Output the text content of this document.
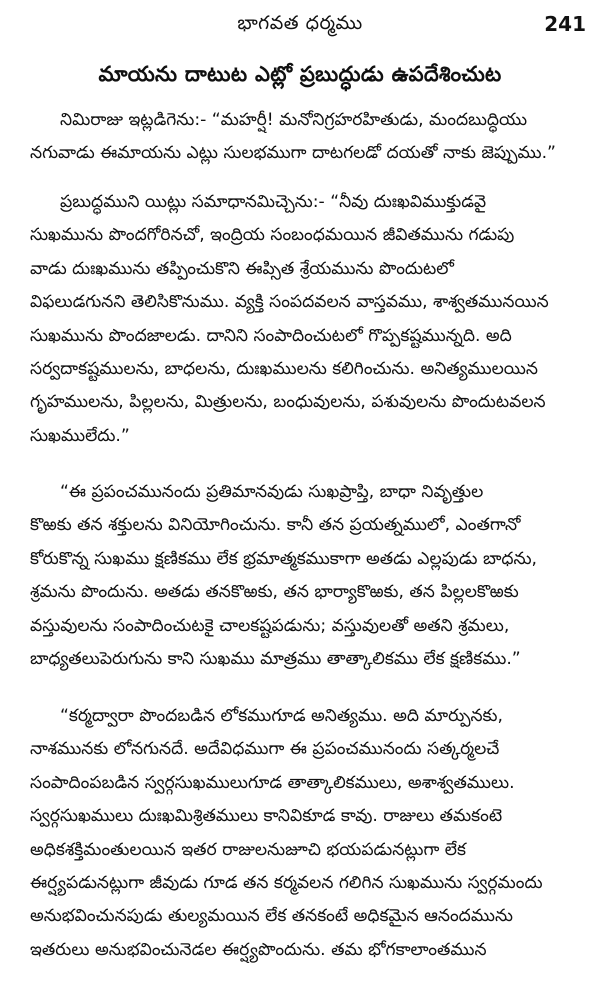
భాగవత ధర్మము	241
మాయను దాటుట ఎట్లో ప్రబుద్ధుడు ఉపదేశించుట
నిమిరాజు ఇట్లడిగెను:- “మహర్షీ! మనోనిగ్రహరహితుడు, మందబుద్ధియు
నగువాడు ఈమాయను ఎట్లు సులభముగా దాటగలడో దయతో నాకు జెప్పుము.”
ప్రబుద్ధముని యిట్లు సమాధానమిచ్చెను:- “నీవు దుఃఖవిముక్తుడవై
సుఖమును పొందగోరినచో, ఇంద్రియ సంబంధమయిన జీవితమును గడుపు
వాడు దుఃఖమును తప్పించుకొని ఈప్సిత శ్రేయమును పొందుటలో
విఫలుడగునని తెలిసికొనుము. వ్యక్తి సంపదవలన వాస్తవము, శాశ్వతమునయిన
సుఖమును పొందజాలడు. దానిని సంపాదించుటలో గొప్పకష్టమున్నది. అది
సర్వదాకష్టములను, బాధలను, దుఃఖములను కలిగించును. అనిత్యములయిన
గృహములను, పిల్లలను, మిత్రులను, బంధువులను, పశువులను పొందుటవలన
సుఖములేదు.”
“ఈ ప్రపంచమునందు ప్రతిమానవుడు సుఖప్రాప్తి, బాధా నివృత్తుల
కొఱకు తన శక్తులను వినియోగించును. కానీ తన ప్రయత్నములో, ఎంతగానో
కోరుకొన్న సుఖము క్షణికము లేక భ్రమాత్మకముకాగా అతడు ఎల్లపుడు బాధను,
శ్రమను పొందును. అతడు తనకొఱకు, తన భార్యాకొఱకు, తన పిల్లలకొఱకు
వస్తువులను సంపాదించుటకై చాలకష్టపడును; వస్తువులతో అతని శ్రమలు,
బాధ్యతలుపెరుగును కాని సుఖము మాత్రము తాత్కాలికము లేక క్షణికము.”
“కర్మద్వారా పొందబడిన లోకముగూడ అనిత్యము. అది మార్పునకు,
నాశమునకు లోనగునదే. అదేవిధముగా ఈ ప్రపంచమునందు సత్కర్మలచే
సంపాదింపబడిన స్వర్గసుఖములుగూడ తాత్కాలికములు, అశాశ్వతములు.
స్వర్గసుఖములు దుఃఖమిశ్రితములు కానివికూడ కావు. రాజులు తమకంటె
అధికశక్తిమంతులయిన ఇతర రాజులనుజూచి భయపడునట్లుగా లేక
ఈర్ష్యపడునట్లుగా జీవుడు గూడ తన కర్మవలన గలిగిన సుఖమును స్వర్గమందు
అనుభవించునపుడు తుల్యమయిన లేక తనకంటే అధికమైన ఆనందమును
ఇతరులు అనుభవించునెడల ఈర్ష్యపొందును. తమ భోగకాలాంతమున
